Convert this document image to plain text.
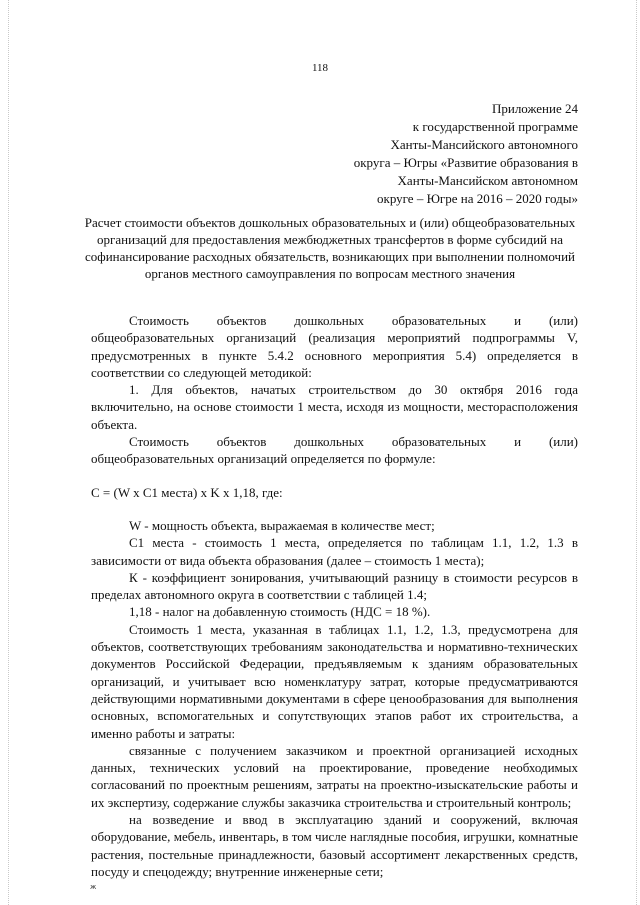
118
Приложение 24
к государственной программе
Ханты-Мансийского автономного
округа – Югры «Развитие образования в
Ханты-Мансийском автономном
округе – Югре на 2016 – 2020 годы»
Расчет стоимости объектов дошкольных образовательных и (или) общеобразовательных организаций для предоставления межбюджетных трансфертов в форме субсидий на софинансирование расходных обязательств, возникающих при выполнении полномочий органов местного самоуправления по вопросам местного значения

Стоимость объектов дошкольных образовательных и (или) общеобразовательных организаций (реализация мероприятий подпрограммы V, предусмотренных в пункте 5.4.2 основного мероприятия 5.4) определяется в соответствии со следующей методикой:

1. Для объектов, начатых строительством до 30 октября 2016 года включительно, на основе стоимости 1 места, исходя из мощности, месторасположения объекта.

Стоимость объектов дошкольных образовательных и (или) общеобразовательных организаций определяется по формуле:

С = (W x C1 места) x K x 1,18, где:

W - мощность объекта, выражаемая в количестве мест;

C1 места - стоимость 1 места, определяется по таблицам 1.1, 1.2, 1.3 в зависимости от вида объекта образования (далее – стоимость 1 места);

К - коэффициент зонирования, учитывающий разницу в стоимости ресурсов в пределах автономного округа в соответствии с таблицей 1.4;

1,18 - налог на добавленную стоимость (НДС = 18 %).

Стоимость 1 места, указанная в таблицах 1.1, 1.2, 1.3, предусмотрена для объектов, соответствующих требованиям законодательства и нормативно-технических документов Российской Федерации, предъявляемым к зданиям образовательных организаций, и учитывает всю номенклатуру затрат, которые предусматриваются действующими нормативными документами в сфере ценообразования для выполнения основных, вспомогательных и сопутствующих этапов работ их строительства, а именно работы и затраты:

связанные с получением заказчиком и проектной организацией исходных данных, технических условий на проектирование, проведение необходимых согласований по проектным решениям, затраты на проектно-изыскательские работы и их экспертизу, содержание службы заказчика строительства и строительный контроль;

на возведение и ввод в эксплуатацию зданий и сооружений, включая оборудование, мебель, инвентарь, в том числе наглядные пособия, игрушки, комнатные растения, постельные принадлежности, базовый ассортимент лекарственных средств, посуду и спецодежду; внутренние инженерные сети;

ж
